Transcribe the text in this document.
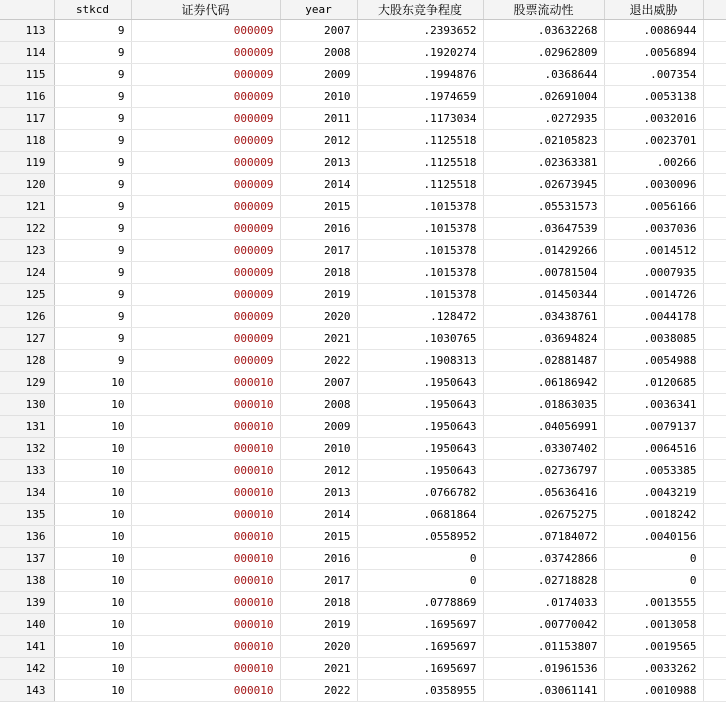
	stkcd	证券代码	year	大股东竞争程度	股票流动性	退出威胁	
113	9	000009	2007	.2393652	.03632268	.0086944	
114	9	000009	2008	.1920274	.02962809	.0056894	
115	9	000009	2009	.1994876	.0368644	.007354	
116	9	000009	2010	.1974659	.02691004	.0053138	
117	9	000009	2011	.1173034	.0272935	.0032016	
118	9	000009	2012	.1125518	.02105823	.0023701	
119	9	000009	2013	.1125518	.02363381	.00266	
120	9	000009	2014	.1125518	.02673945	.0030096	
121	9	000009	2015	.1015378	.05531573	.0056166	
122	9	000009	2016	.1015378	.03647539	.0037036	
123	9	000009	2017	.1015378	.01429266	.0014512	
124	9	000009	2018	.1015378	.00781504	.0007935	
125	9	000009	2019	.1015378	.01450344	.0014726	
126	9	000009	2020	.128472	.03438761	.0044178	
127	9	000009	2021	.1030765	.03694824	.0038085	
128	9	000009	2022	.1908313	.02881487	.0054988	
129	10	000010	2007	.1950643	.06186942	.0120685	
130	10	000010	2008	.1950643	.01863035	.0036341	
131	10	000010	2009	.1950643	.04056991	.0079137	
132	10	000010	2010	.1950643	.03307402	.0064516	
133	10	000010	2012	.1950643	.02736797	.0053385	
134	10	000010	2013	.0766782	.05636416	.0043219	
135	10	000010	2014	.0681864	.02675275	.0018242	
136	10	000010	2015	.0558952	.07184072	.0040156	
137	10	000010	2016	0	.03742866	0	
138	10	000010	2017	0	.02718828	0	
139	10	000010	2018	.0778869	.0174033	.0013555	
140	10	000010	2019	.1695697	.00770042	.0013058	
141	10	000010	2020	.1695697	.01153807	.0019565	
142	10	000010	2021	.1695697	.01961536	.0033262	
143	10	000010	2022	.0358955	.03061141	.0010988	
